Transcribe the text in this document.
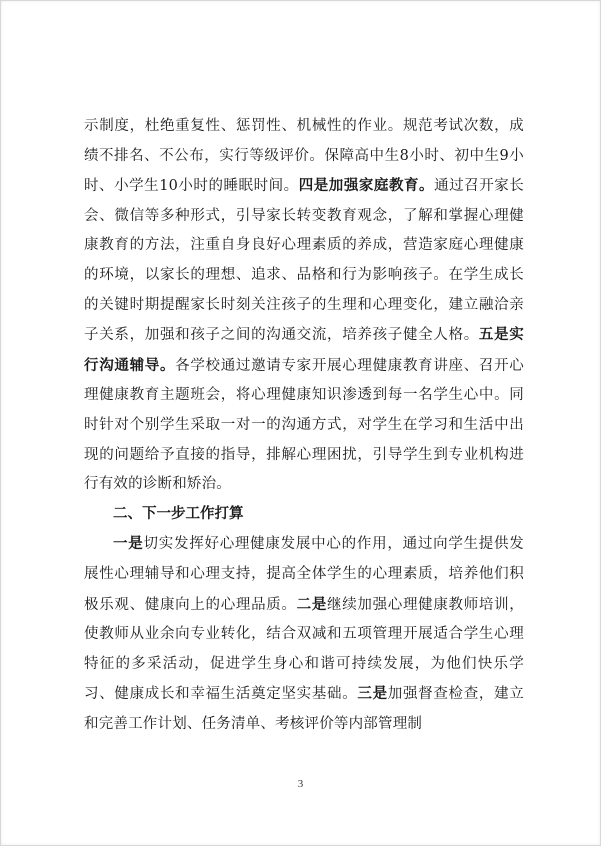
示制度，杜绝重复性、惩罚性、机械性的作业。规范考试次数，成绩不排名、不公布，实行等级评价。保障高中生8小时、初中生9小时、小学生10小时的睡眠时间。四是加强家庭教育。通过召开家长会、微信等多种形式，引导家长转变教育观念，了解和掌握心理健康教育的方法，注重自身良好心理素质的养成，营造家庭心理健康的环境，以家长的理想、追求、品格和行为影响孩子。在学生成长的关键时期提醒家长时刻关注孩子的生理和心理变化，建立融洽亲子关系，加强和孩子之间的沟通交流，培养孩子健全人格。五是实行沟通辅导。各学校通过邀请专家开展心理健康教育讲座、召开心理健康教育主题班会，将心理健康知识渗透到每一名学生心中。同时针对个别学生采取一对一的沟通方式，对学生在学习和生活中出现的问题给予直接的指导，排解心理困扰，引导学生到专业机构进行有效的诊断和矫治。

二、下一步工作打算

一是切实发挥好心理健康发展中心的作用，通过向学生提供发展性心理辅导和心理支持，提高全体学生的心理素质，培养他们积极乐观、健康向上的心理品质。二是继续加强心理健康教师培训，使教师从业余向专业转化，结合双减和五项管理开展适合学生心理特征的多采活动，促进学生身心和谐可持续发展，为他们快乐学习、健康成长和幸福生活奠定坚实基础。三是加强督查检查，建立和完善工作计划、任务清单、考核评价等内部管理制

3
